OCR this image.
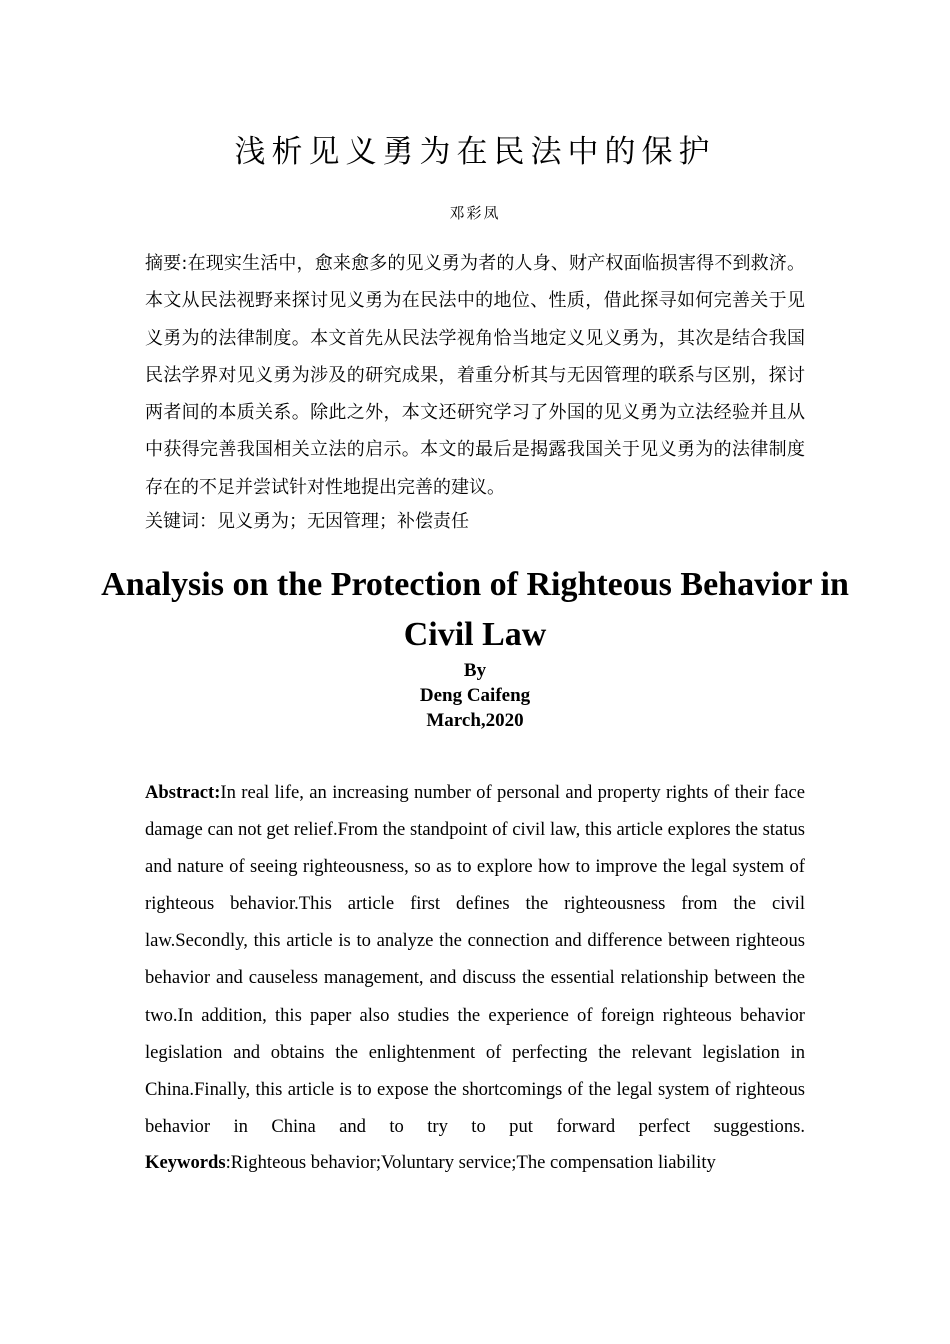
浅析见义勇为在民法中的保护
邓彩凤

摘要:在现实生活中，愈来愈多的见义勇为者的人身、财产权面临损害得不到救济。本文从民法视野来探讨见义勇为在民法中的地位、性质，借此探寻如何完善关于见义勇为的法律制度。本文首先从民法学视角恰当地定义见义勇为，其次是结合我国民法学界对见义勇为涉及的研究成果，着重分析其与无因管理的联系与区别，探讨两者间的本质关系。除此之外，本文还研究学习了外国的见义勇为立法经验并且从中获得完善我国相关立法的启示。本文的最后是揭露我国关于见义勇为的法律制度存在的不足并尝试针对性地提出完善的建议。

关键词：见义勇为；无因管理；补偿责任
Analysis on the Protection of Righteous Behavior in Civil Law
By
Deng Caifeng
March,2020

Abstract:In real life, an increasing number of personal and property rights of their face damage can not get relief.From the standpoint of civil law, this article explores the status and nature of seeing righteousness, so as to explore how to improve the legal system of righteous behavior.This article first defines the righteousness from the civil law.Secondly, this article is to analyze the connection and difference between righteous behavior and causeless management, and discuss the essential relationship between the two.In addition, this paper also studies the experience of foreign righteous behavior legislation and obtains the enlightenment of perfecting the relevant legislation in China.Finally, this article is to expose the shortcomings of the legal system of righteous behavior in China and to try to put forward perfect suggestions.

Keywords:Righteous behavior;Voluntary service;The compensation liability
